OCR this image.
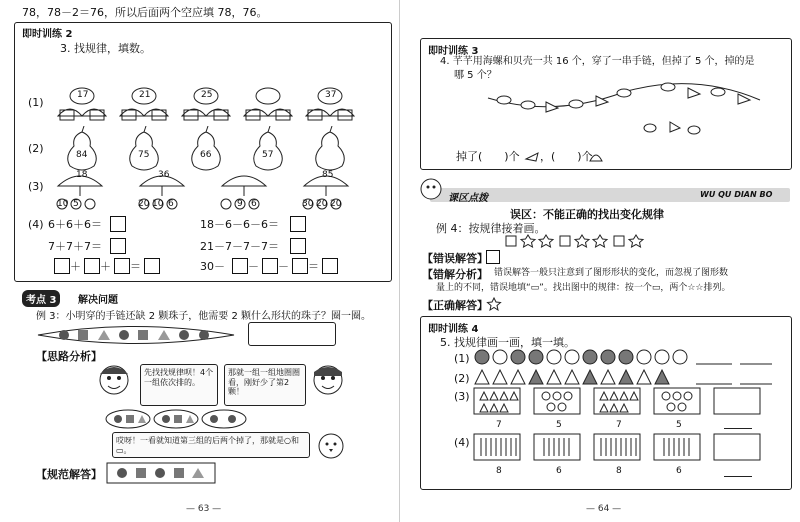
78，78－2＝76，所以后面两个空应填 78，76。
即时训练 2
3. 找规律，填数。
(1)
17	21	25	37
(2)	84	75	66	57
(3)
18	36	85
10 5	20 10 6	9 6	30 20 20
(4) 6＋6＋6＝	18－6－6－6＝
7＋7＋7＝	21－7－7－7＝
＋ ＋ ＝	30－ － － ＝
考点 3	解决问题
例 3：小明穿的手链还缺 2 颗珠子，他需要 2 颗什么形状的珠子？圈一圈。
【思路分析】
先找找规律呗！4个一组依次排的。
那就一组一组地圈圈看，刚好少了第2颗！
哎呀！一看就知道第三组的后两个掉了，那就是○和▭。
【规范解答】
— 63 —
即时训练 3
4. 芊芊用海螺和贝壳一共 16 个，穿了一串手链，但掉了 5 个，掉的是
哪 5 个？
掉了(　　)个 ，(　　)个
课区点拨	WU QU DIAN BO
误区：不能正确的找出变化规律
例 4：按规律接着画。
【错误解答】
【错解分析】 错误解答一般只注意到了图形形状的变化，而忽视了图形数
量上的不同，错误地填“▭”。找出图中的规律：按一个▭，两个☆☆排列。
【正确解答】
即时训练 4
5. 找规律画一画，填一填。
(1)
(2)
(3)
7	5	7	5
(4)
8	6	8	6
— 64 —
